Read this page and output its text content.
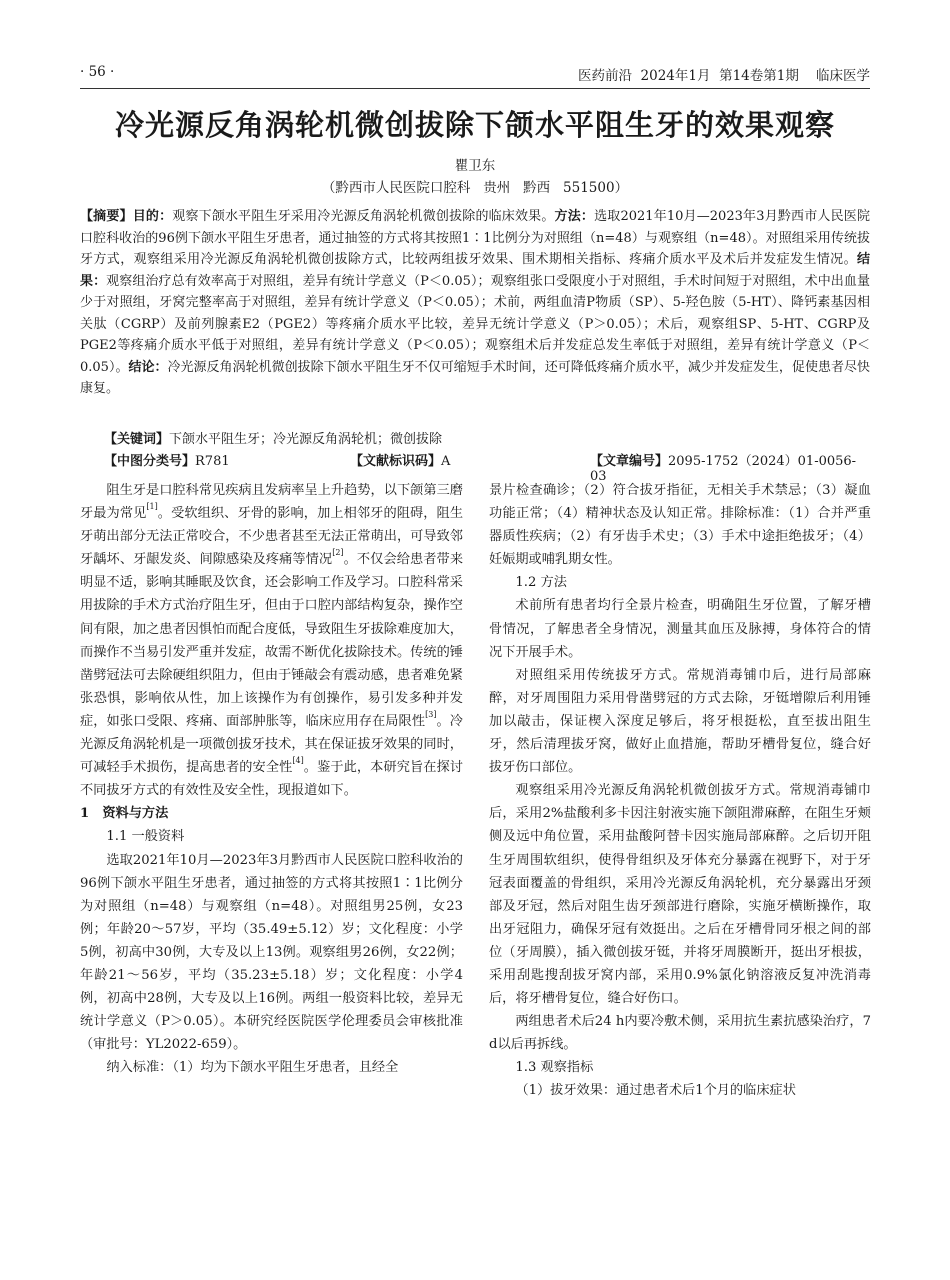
· 56 ·	医药前沿  2024年1月  第14卷第1期    临床医学
冷光源反角涡轮机微创拔除下颌水平阻生牙的效果观察
瞿卫东
（黔西市人民医院口腔科   贵州   黔西   551500）
【摘要】目的：观察下颌水平阻生牙采用冷光源反角涡轮机微创拔除的临床效果。方法：选取2021年10月—2023年3月黔西市人民医院口腔科收治的96例下颌水平阻生牙患者，通过抽签的方式将其按照1∶1比例分为对照组（n=48）与观察组（n=48）。对照组采用传统拔牙方式，观察组采用冷光源反角涡轮机微创拔除方式，比较两组拔牙效果、围术期相关指标、疼痛介质水平及术后并发症发生情况。结果：观察组治疗总有效率高于对照组，差异有统计学意义（P＜0.05）；观察组张口受限度小于对照组，手术时间短于对照组，术中出血量少于对照组，牙窝完整率高于对照组，差异有统计学意义（P＜0.05）；术前，两组血清P物质（SP）、5-羟色胺（5-HT）、降钙素基因相关肽（CGRP）及前列腺素E2（PGE2）等疼痛介质水平比较，差异无统计学意义（P＞0.05）；术后，观察组SP、5-HT、CGRP及PGE2等疼痛介质水平低于对照组，差异有统计学意义（P＜0.05）；观察组术后并发症总发生率低于对照组，差异有统计学意义（P＜0.05）。结论：冷光源反角涡轮机微创拔除下颌水平阻生牙不仅可缩短手术时间，还可降低疼痛介质水平，减少并发症发生，促使患者尽快康复。
【关键词】下颌水平阻生牙；冷光源反角涡轮机；微创拔除
【中图分类号】R781	【文献标识码】A	【文章编号】2095-1752（2024）01-0056-03

阻生牙是口腔科常见疾病且发病率呈上升趋势，以下颌第三磨牙最为常见[1]。受软组织、牙骨的影响，加上相邻牙的阻碍，阻生牙萌出部分无法正常咬合，不少患者甚至无法正常萌出，可导致邻牙龋坏、牙龈发炎、间隙感染及疼痛等情况[2]。不仅会给患者带来明显不适，影响其睡眠及饮食，还会影响工作及学习。口腔科常采用拔除的手术方式治疗阻生牙，但由于口腔内部结构复杂，操作空间有限，加之患者因惧怕而配合度低，导致阻生牙拔除难度加大，而操作不当易引发严重并发症，故需不断优化拔除技术。传统的锤凿劈冠法可去除硬组织阻力，但由于锤敲会有震动感，患者难免紧张恐惧，影响依从性，加上该操作为有创操作，易引发多种并发症，如张口受限、疼痛、面部肿胀等，临床应用存在局限性[3]。冷光源反角涡轮机是一项微创拔牙技术，其在保证拔牙效果的同时，可减轻手术损伤，提高患者的安全性[4]。鉴于此，本研究旨在探讨不同拔牙方式的有效性及安全性，现报道如下。

1　资料与方法

1.1 一般资料

选取2021年10月—2023年3月黔西市人民医院口腔科收治的96例下颌水平阻生牙患者，通过抽签的方式将其按照1∶1比例分为对照组（n=48）与观察组（n=48）。对照组男25例，女23例；年龄20～57岁，平均（35.49±5.12）岁；文化程度：小学5例，初高中30例，大专及以上13例。观察组男26例，女22例；年龄21～56岁，平均（35.23±5.18）岁；文化程度：小学4例，初高中28例，大专及以上16例。两组一般资料比较，差异无统计学意义（P＞0.05）。本研究经医院医学伦理委员会审核批准（审批号：YL2022-659）。

纳入标准：（1）均为下颌水平阻生牙患者，且经全

景片检查确诊；（2）符合拔牙指征，无相关手术禁忌；（3）凝血功能正常；（4）精神状态及认知正常。排除标准：（1）合并严重器质性疾病；（2）有牙齿手术史；（3）手术中途拒绝拔牙；（4）妊娠期或哺乳期女性。

1.2 方法

术前所有患者均行全景片检查，明确阻生牙位置，了解牙槽骨情况，了解患者全身情况，测量其血压及脉搏，身体符合的情况下开展手术。

对照组采用传统拔牙方式。常规消毒铺巾后，进行局部麻醉，对牙周围阻力采用骨凿劈冠的方式去除，牙铤增隙后利用锤加以敲击，保证楔入深度足够后，将牙根挺松，直至拔出阻生牙，然后清理拔牙窝，做好止血措施，帮助牙槽骨复位，缝合好拔牙伤口部位。

观察组采用冷光源反角涡轮机微创拔牙方式。常规消毒铺巾后，采用2%盐酸利多卡因注射液实施下颌阻滞麻醉，在阻生牙颊侧及远中角位置，采用盐酸阿替卡因实施局部麻醉。之后切开阻生牙周围软组织，使得骨组织及牙体充分暴露在视野下，对于牙冠表面覆盖的骨组织，采用冷光源反角涡轮机，充分暴露出牙颈部及牙冠，然后对阻生齿牙颈部进行磨除，实施牙横断操作，取出牙冠阻力，确保牙冠有效挺出。之后在牙槽骨同牙根之间的部位（牙周膜），插入微创拔牙铤，并将牙周膜断开，挺出牙根拔，采用刮匙搜刮拔牙窝内部，采用0.9%氯化钠溶液反复冲洗消毒后，将牙槽骨复位，缝合好伤口。

两组患者术后24 h内要冷敷术侧，采用抗生素抗感染治疗，7 d以后再拆线。

1.3 观察指标

（1）拔牙效果：通过患者术后1个月的临床症状
